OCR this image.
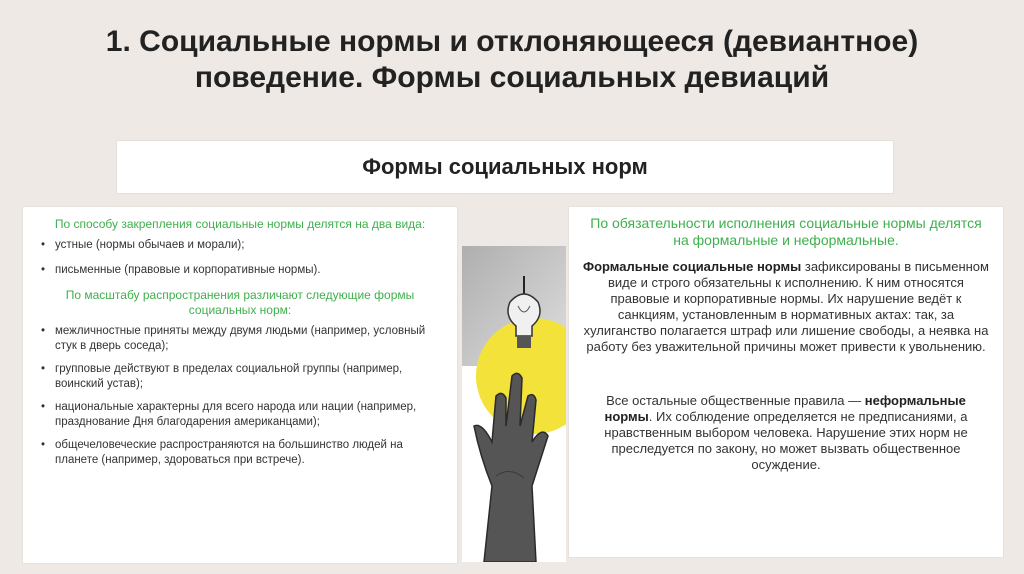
1. Социальные нормы и отклоняющееся (девиантное) поведение. Формы социальных девиаций
Формы социальных норм

По способу закрепления социальные нормы делятся на два вида:

• устные (нормы обычаев и морали);
• письменные (правовые и корпоративные нормы).

По масштабу распространения различают следующие формы социальных норм:

• межличностные приняты между двумя людьми (например, условный стук в дверь соседа);
• групповые действуют в пределах социальной группы (например, воинский устав);
• национальные характерны для всего народа или нации (например, празднование Дня благодарения американцами);
• общечеловеческие распространяются на большинство людей на планете (например, здороваться при встрече).

По обязательности исполнения социальные нормы делятся на формальные и неформальные.

Формальные социальные нормы зафиксированы в письменном виде и строго обязательны к исполнению. К ним относятся правовые и корпоративные нормы. Их нарушение ведёт к санкциям, установленным в нормативных актах: так, за хулиганство полагается штраф или лишение свободы, а неявка на работу без уважительной причины может привести к увольнению.

Все остальные общественные правила — неформальные нормы. Их соблюдение определяется не предписаниями, а нравственным выбором человека. Нарушение этих норм не преследуется по закону, но может вызвать общественное осуждение.
